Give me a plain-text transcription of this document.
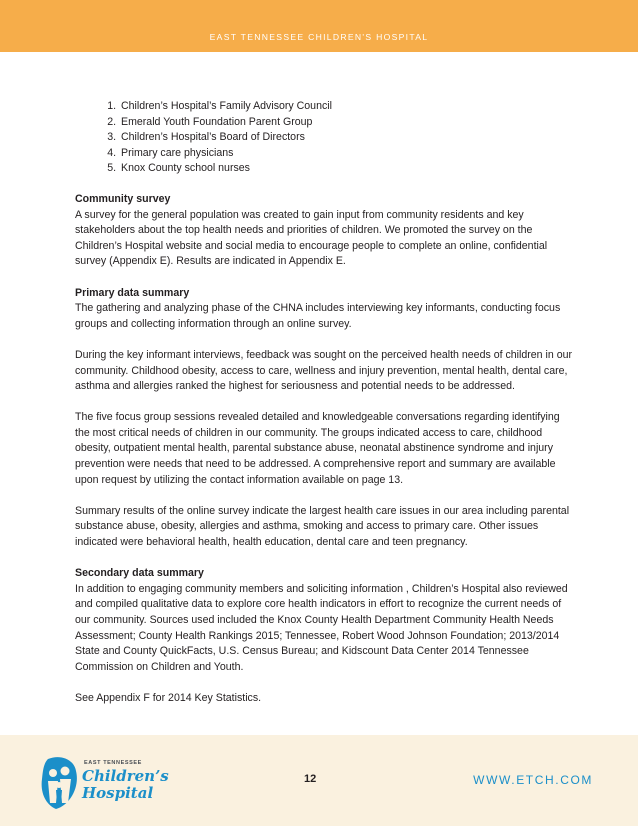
EAST TENNESSEE CHILDREN'S HOSPITAL
1. Children’s Hospital’s Family Advisory Council
2. Emerald Youth Foundation Parent Group
3. Children’s Hospital’s Board of Directors
4. Primary care physicians
5. Knox County school nurses
Community survey

A survey for the general population was created to gain input from community residents and key stakeholders about the top health needs and priorities of children. We promoted the survey on the Children’s Hospital website and social media to encourage people to complete an online, confidential survey (Appendix E). Results are indicated in Appendix E.

Primary data summary

The gathering and analyzing phase of the CHNA includes interviewing key informants, conducting focus groups and collecting information through an online survey.

During the key informant interviews, feedback was sought on the perceived health needs of children in our community. Childhood obesity, access to care, wellness and injury prevention, mental health, dental care, asthma and allergies ranked the highest for seriousness and potential needs to be addressed.

The five focus group sessions revealed detailed and knowledgeable conversations regarding identifying the most critical needs of children in our community. The groups indicated access to care, childhood obesity, outpatient mental health, parental substance abuse, neonatal abstinence syndrome and injury prevention were needs that need to be addressed. A comprehensive report and summary are available upon request by utilizing the contact information available on page 13.

Summary results of the online survey indicate the largest health care issues in our area including parental substance abuse, obesity, allergies and asthma, smoking and access to primary care. Other issues indicated were behavioral health, health education, dental care and teen pregnancy.

Secondary data summary

In addition to engaging community members and soliciting information , Children’s Hospital also reviewed and compiled qualitative data to explore core health indicators in effort to recognize the current needs of our community. Sources used included the Knox County Health Department Community Health Needs Assessment; County Health Rankings 2015; Tennessee, Robert Wood Johnson Foundation; 2013/2014 State and County QuickFacts, U.S. Census Bureau; and Kidscount Data Center 2014 Tennessee Commission on Children and Youth.

See Appendix F for 2014 Key Statistics.

EAST TENNESSEE
Children’s
Hospital
12	WWW.ETCH.COM
